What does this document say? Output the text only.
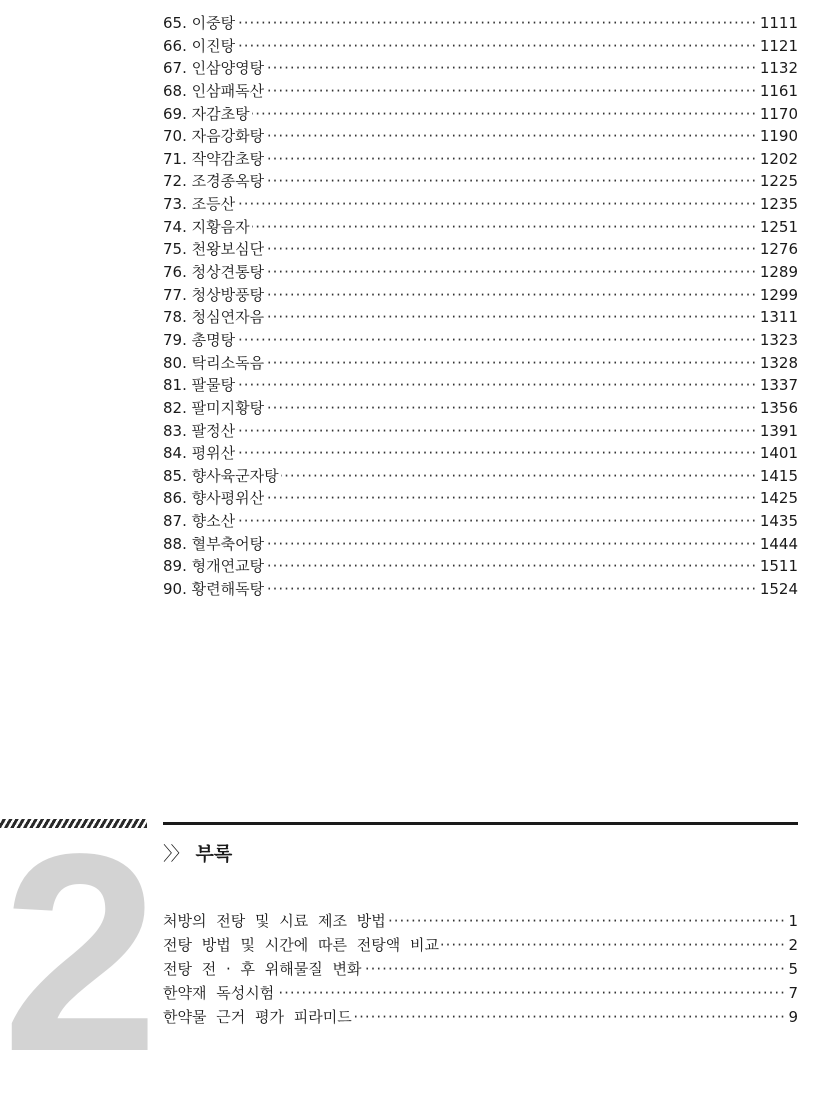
·····
65. 이중탕	1111
·····
66. 이진탕	1121
·····
67. 인삼양영탕	1132
·····
68. 인삼패독산	1161
·····
69. 자감초탕	1170
·····
70. 자음강화탕	1190
·····
71. 작약감초탕	1202
·····
72. 조경종옥탕	1225
·····
73. 조등산	1235
·····
74. 지황음자	1251
·····
75. 천왕보심단	1276
·····
76. 청상견통탕	1289
·····
77. 청상방풍탕	1299
·····
78. 청심연자음	1311
·····
79. 총명탕	1323
·····
80. 탁리소독음	1328
·····
81. 팔물탕	1337
·····
82. 팔미지황탕	1356
·····
83. 팔정산	1391
·····
84. 평위산	1401
·····
85. 향사육군자탕	1415
·····
86. 향사평위산	1425
·····
87. 향소산	1435
·····
88. 혈부축어탕	1444
·····
89. 형개연교탕	1511
·····
90. 황련해독탕	1524
2 〉〉 부록
·····
처방의 전탕 및 시료 제조 방법	1
·····
전탕 방법 및 시간에 따른 전탕액 비교	2
·····
전탕 전 · 후 위해물질 변화	5
·····
한약재 독성시험	7
·····
한약물 근거 평가 피라미드	9
